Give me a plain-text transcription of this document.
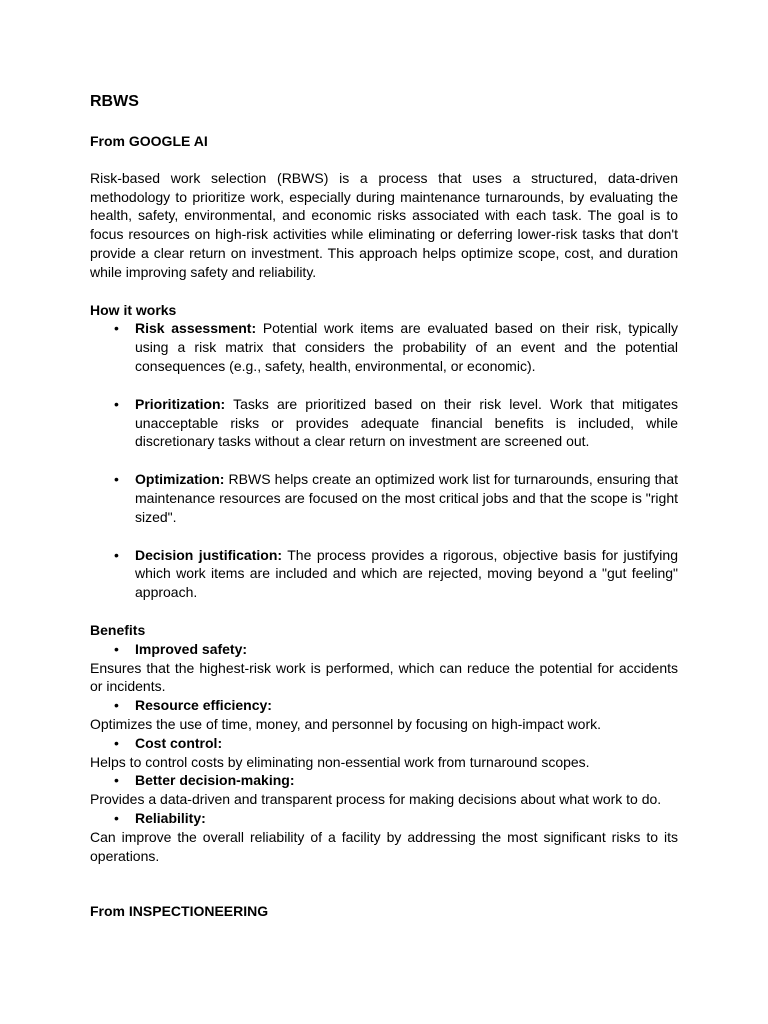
RBWS
From GOOGLE AI

Risk-based work selection (RBWS) is a process that uses a structured, data-driven methodology to prioritize work, especially during maintenance turnarounds, by evaluating the health, safety, environmental, and economic risks associated with each task. The goal is to focus resources on high-risk activities while eliminating or deferring lower-risk tasks that don't provide a clear return on investment. This approach helps optimize scope, cost, and duration while improving safety and reliability.

How it works
• Risk assessment: Potential work items are evaluated based on their risk, typically using a risk matrix that considers the probability of an event and the potential consequences (e.g., safety, health, environmental, or economic).
• Prioritization: Tasks are prioritized based on their risk level. Work that mitigates unacceptable risks or provides adequate financial benefits is included, while discretionary tasks without a clear return on investment are screened out.
• Optimization: RBWS helps create an optimized work list for turnarounds, ensuring that maintenance resources are focused on the most critical jobs and that the scope is "right sized".
• Decision justification: The process provides a rigorous, objective basis for justifying which work items are included and which are rejected, moving beyond a "gut feeling" approach.
Benefits
• Improved safety:

Ensures that the highest-risk work is performed, which can reduce the potential for accidents or incidents.

• Resource efficiency:

Optimizes the use of time, money, and personnel by focusing on high-impact work.

• Cost control:

Helps to control costs by eliminating non-essential work from turnaround scopes.

• Better decision-making:

Provides a data-driven and transparent process for making decisions about what work to do.

• Reliability:

Can improve the overall reliability of a facility by addressing the most significant risks to its operations.

From INSPECTIONEERING
